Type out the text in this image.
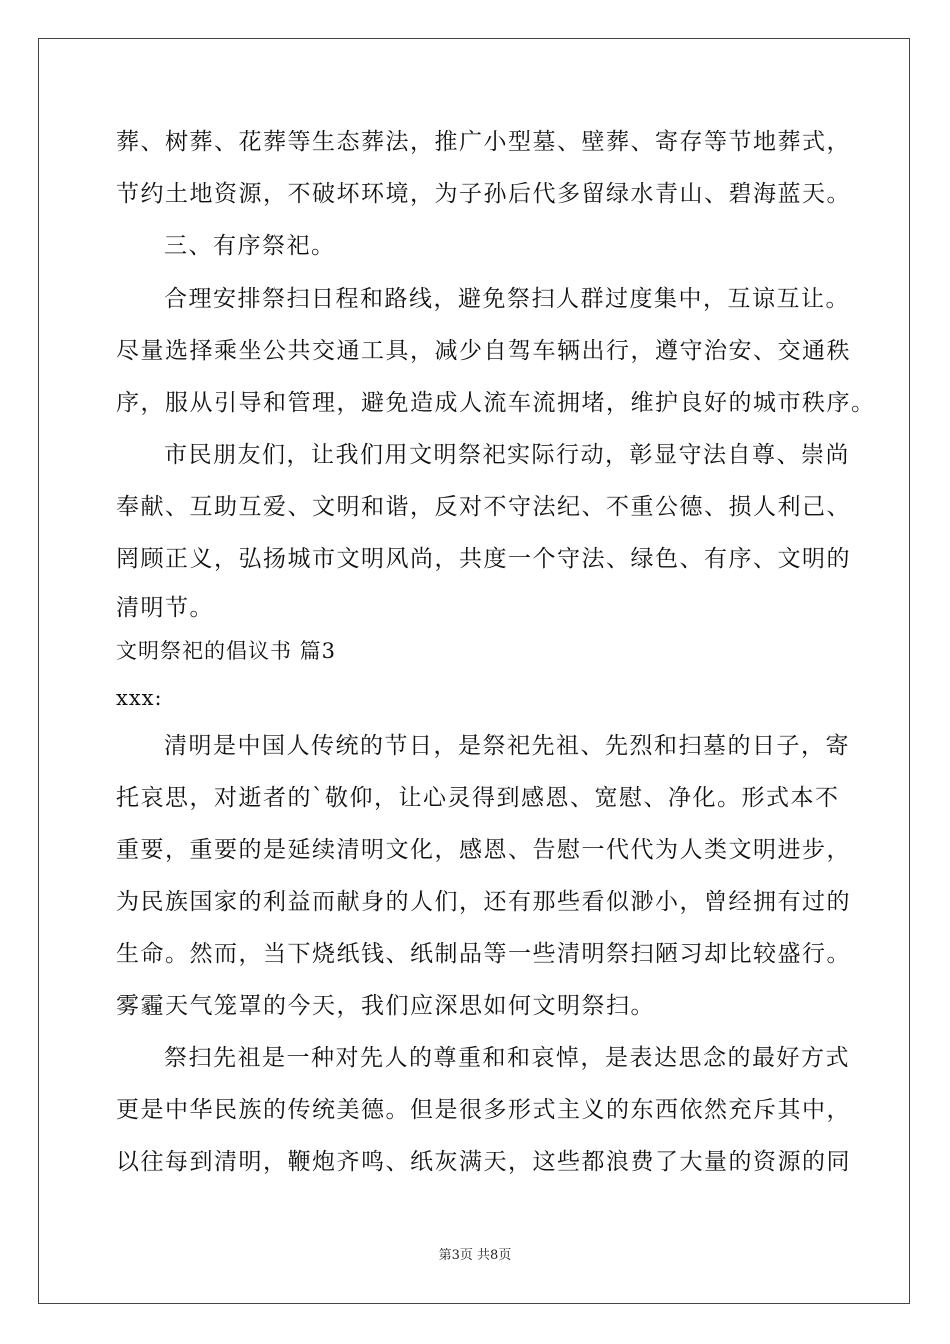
葬、树葬、花葬等生态葬法，推广小型墓、壁葬、寄存等节地葬式，
节约土地资源，不破坏环境，为子孙后代多留绿水青山、碧海蓝天。
三、有序祭祀。
合理安排祭扫日程和路线，避免祭扫人群过度集中，互谅互让。
尽量选择乘坐公共交通工具，减少自驾车辆出行，遵守治安、交通秩
序，服从引导和管理，避免造成人流车流拥堵，维护良好的城市秩序。
市民朋友们，让我们用文明祭祀实际行动，彰显守法自尊、崇尚
奉献、互助互爱、文明和谐，反对不守法纪、不重公德、损人利己、
罔顾正义，弘扬城市文明风尚，共度一个守法、绿色、有序、文明的
清明节。
文明祭祀的倡议书 篇3
xxx:
清明是中国人传统的节日，是祭祀先祖、先烈和扫墓的日子，寄
托哀思，对逝者的`敬仰，让心灵得到感恩、宽慰、净化。形式本不
重要，重要的是延续清明文化，感恩、告慰一代代为人类文明进步，
为民族国家的利益而献身的人们，还有那些看似渺小，曾经拥有过的
生命。然而，当下烧纸钱、纸制品等一些清明祭扫陋习却比较盛行。
雾霾天气笼罩的今天，我们应深思如何文明祭扫。
祭扫先祖是一种对先人的尊重和和哀悼，是表达思念的最好方式
更是中华民族的传统美德。但是很多形式主义的东西依然充斥其中，
以往每到清明，鞭炮齐鸣、纸灰满天，这些都浪费了大量的资源的同
第3页 共8页
